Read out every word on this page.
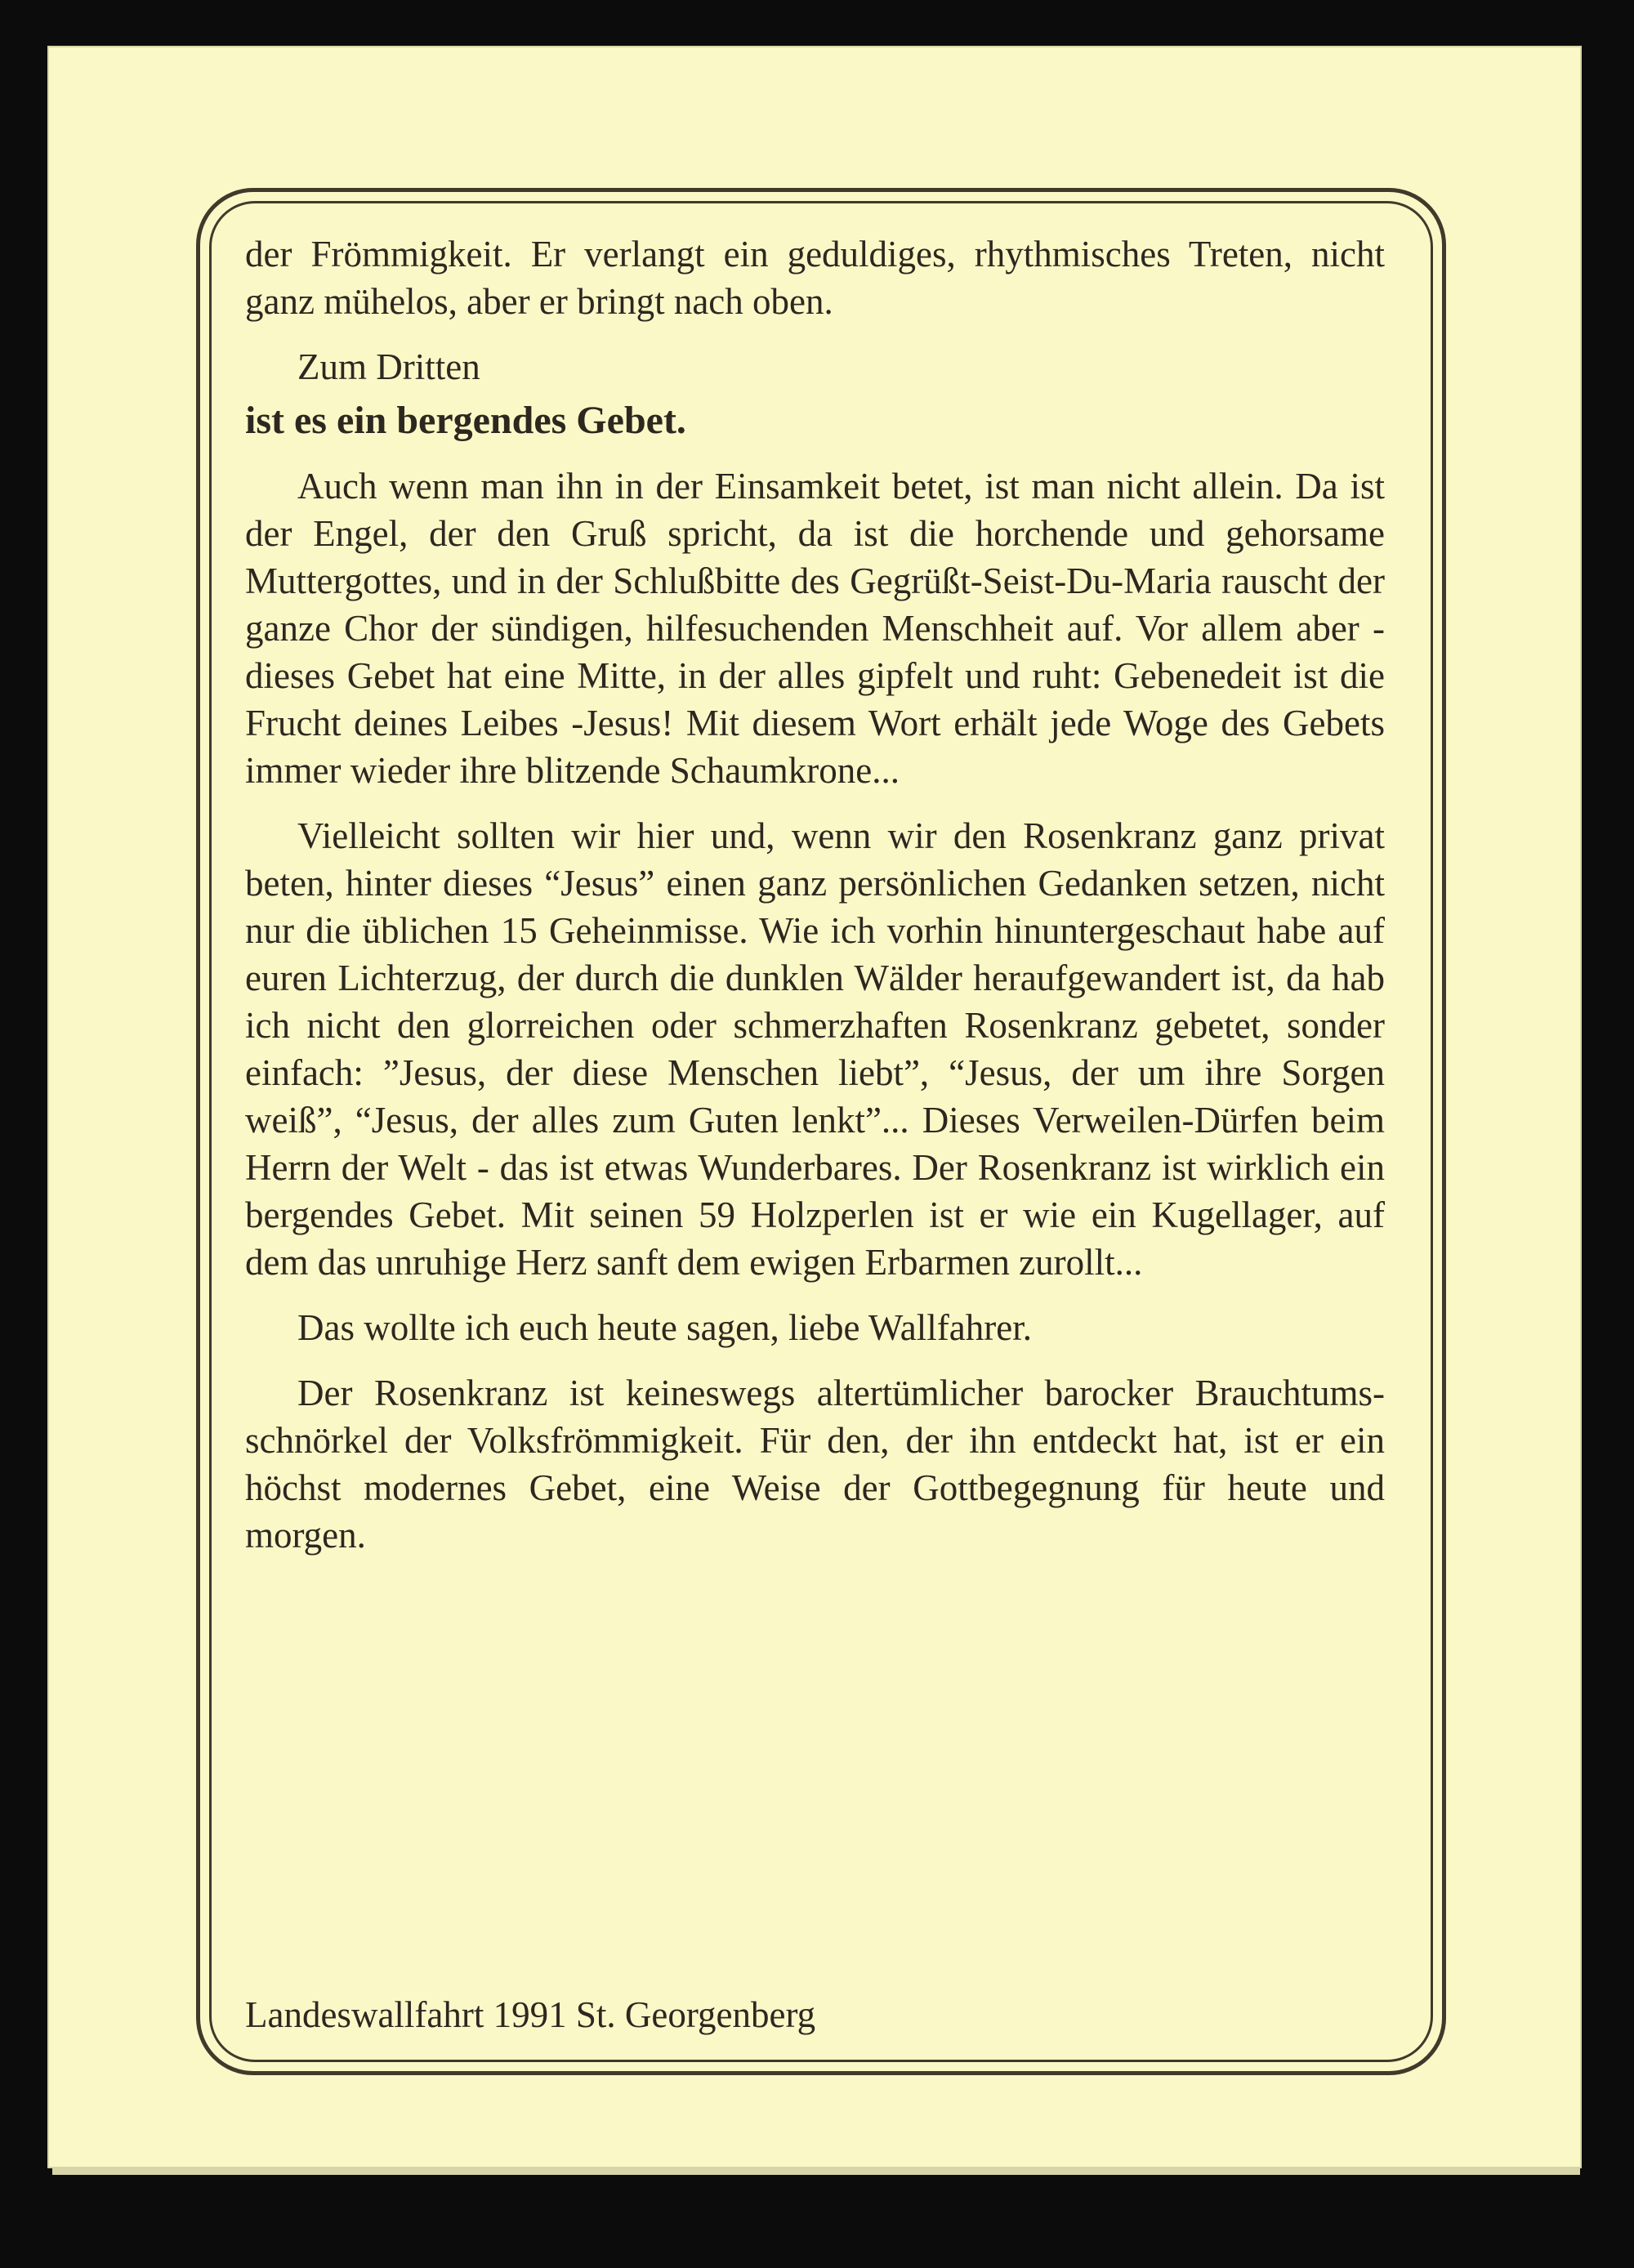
der Frömmigkeit. Er verlangt ein geduldiges, rhythmisches Treten, nicht ganz mühelos, aber er bringt nach oben.

Zum Dritten

ist es ein bergendes Gebet.

Auch wenn man ihn in der Einsamkeit betet, ist man nicht allein. Da ist der Engel, der den Gruß spricht, da ist die horchende und gehorsame Muttergottes, und in der Schlußbitte des Gegrüßt-Seist-Du-Maria rauscht der ganze Chor der sündigen, hilfesuchenden Menschheit auf. Vor allem aber - dieses Gebet hat eine Mitte, in der alles gipfelt und ruht: Gebenedeit ist die Frucht deines Leibes -Jesus! Mit diesem Wort erhält jede Woge des Gebets immer wieder ihre blitzende Schaumkrone...

Vielleicht sollten wir hier und, wenn wir den Rosenkranz ganz privat beten, hinter dieses “Jesus” einen ganz persönlichen Gedanken setzen, nicht nur die üblichen 15 Geheinmisse. Wie ich vorhin hinuntergeschaut habe auf euren Lichterzug, der durch die dunklen Wälder heraufgewandert ist, da hab ich nicht den glorreichen oder schmerzhaften Rosenkranz gebetet, sonder einfach: ”Jesus, der diese Menschen liebt”, “Jesus, der um ihre Sorgen weiß”, “Jesus, der alles zum Guten lenkt”... Dieses Verweilen-Dürfen beim Herrn der Welt - das ist etwas Wunderbares. Der Rosenkranz ist wirklich ein bergendes Gebet. Mit seinen 59 Holzperlen ist er wie ein Kugellager, auf dem das unruhige Herz sanft dem ewigen Erbarmen zurollt...

Das wollte ich euch heute sagen, liebe Wallfahrer.

Der Rosenkranz ist keineswegs altertümlicher barocker Brauchtums-schnörkel der Volksfrömmigkeit. Für den, der ihn entdeckt hat, ist er ein höchst modernes Gebet, eine Weise der Gottbegegnung für heute und morgen.

Landeswallfahrt 1991 St. Georgenberg
